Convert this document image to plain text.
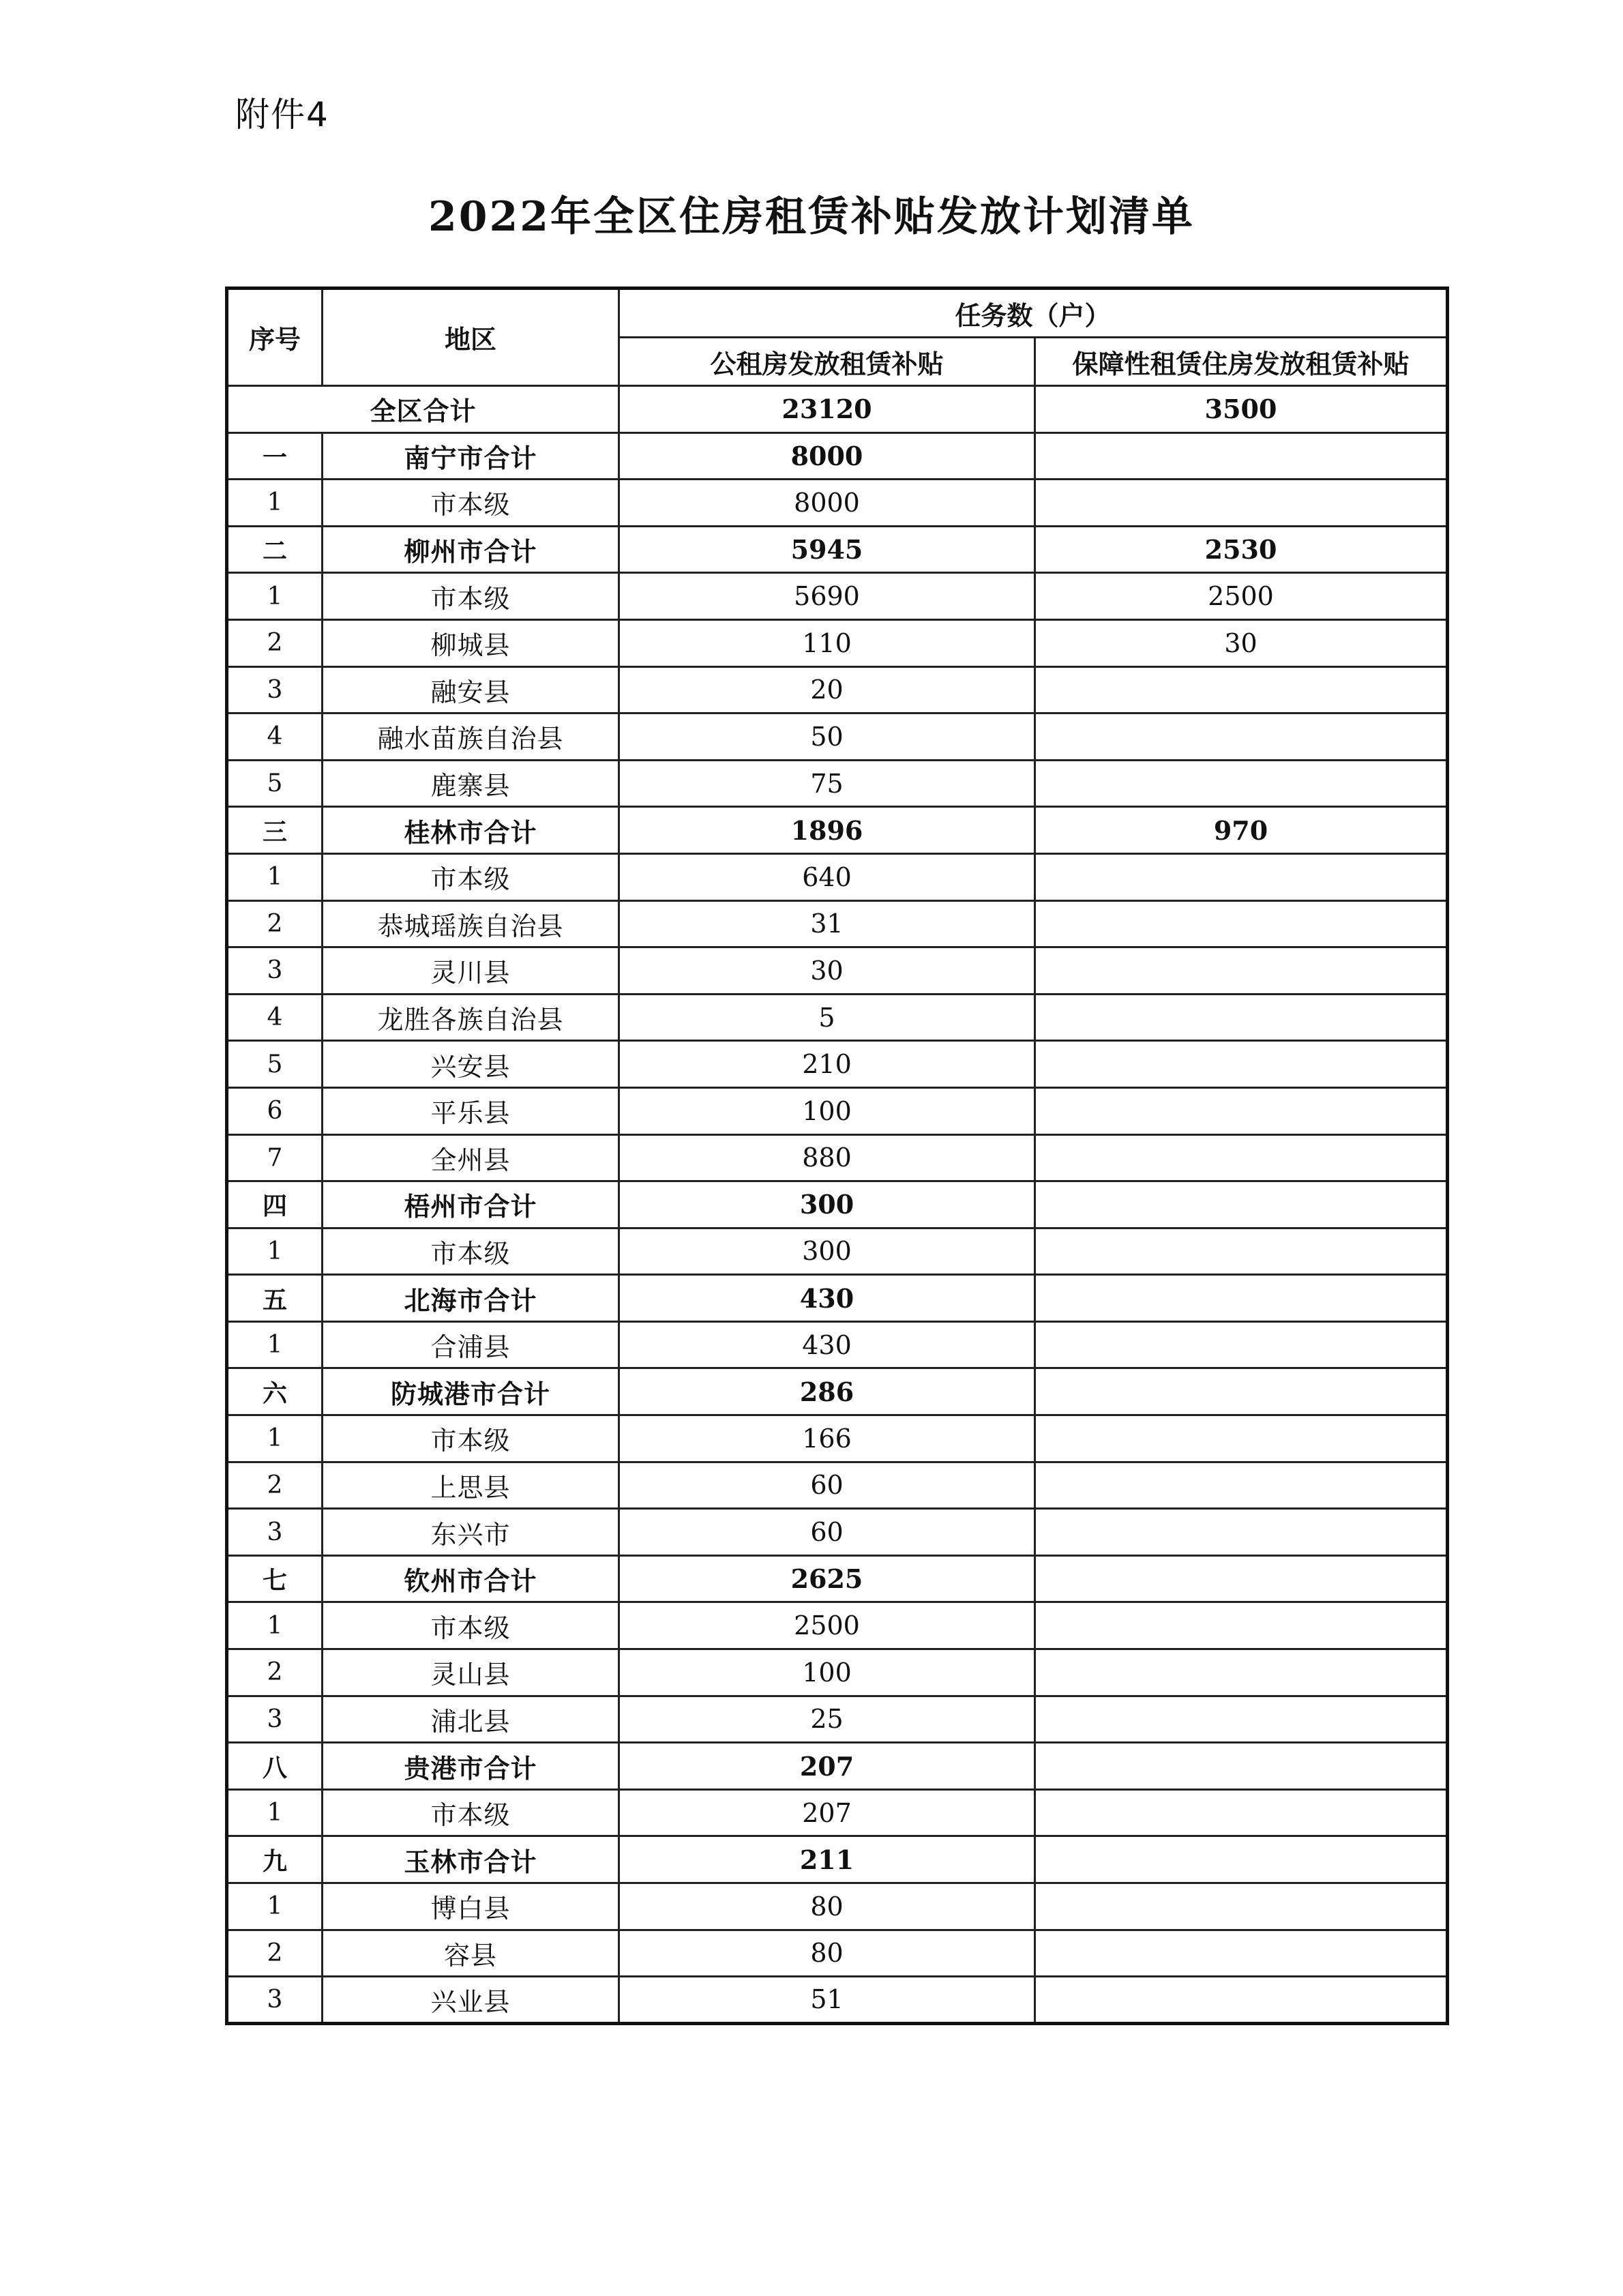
附件4
2022年全区住房租赁补贴发放计划清单
序号	地区	任务数（户）	
		公租房发放租赁补贴	保障性租赁住房发放租赁补贴
全区合计		23120	3500
一	南宁市合计	8000	
1	市本级	8000	
二	柳州市合计	5945	2530
1	市本级	5690	2500
2	柳城县	110	30
3	融安县	20	
4	融水苗族自治县	50	
5	鹿寨县	75	
三	桂林市合计	1896	970
1	市本级	640	
2	恭城瑶族自治县	31	
3	灵川县	30	
4	龙胜各族自治县	5	
5	兴安县	210	
6	平乐县	100	
7	全州县	880	
四	梧州市合计	300	
1	市本级	300	
五	北海市合计	430	
1	合浦县	430	
六	防城港市合计	286	
1	市本级	166	
2	上思县	60	
3	东兴市	60	
七	钦州市合计	2625	
1	市本级	2500	
2	灵山县	100	
3	浦北县	25	
八	贵港市合计	207	
1	市本级	207	
九	玉林市合计	211	
1	博白县	80	
2	容县	80	
3	兴业县	51	
